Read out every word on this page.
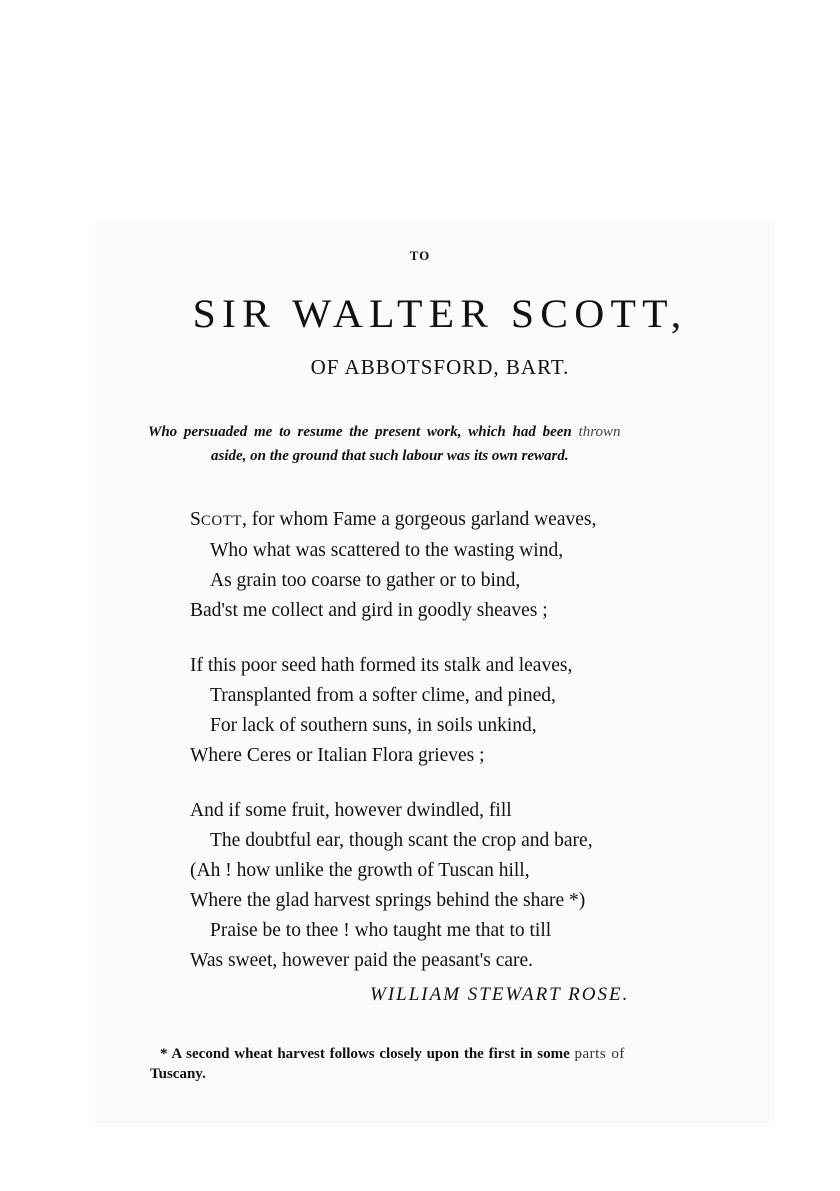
TO
SIR WALTER SCOTT,
OF ABBOTSFORD, BART.
Who persuaded me to resume the present work, which had been thrown
aside, on the ground that such labour was its own reward.
SCOTT, for whom Fame a gorgeous garland weaves,
Who what was scattered to the wasting wind,
As grain too coarse to gather or to bind,
Bad'st me collect and gird in goodly sheaves ;
If this poor seed hath formed its stalk and leaves,
Transplanted from a softer clime, and pined,
For lack of southern suns, in soils unkind,
Where Ceres or Italian Flora grieves ;
And if some fruit, however dwindled, fill
The doubtful ear, though scant the crop and bare,
(Ah ! how unlike the growth of Tuscan hill,
Where the glad harvest springs behind the share *)
Praise be to thee ! who taught me that to till
Was sweet, however paid the peasant's care.
WILLIAM STEWART ROSE.
* A second wheat harvest follows closely upon the first in some parts of
Tuscany.
